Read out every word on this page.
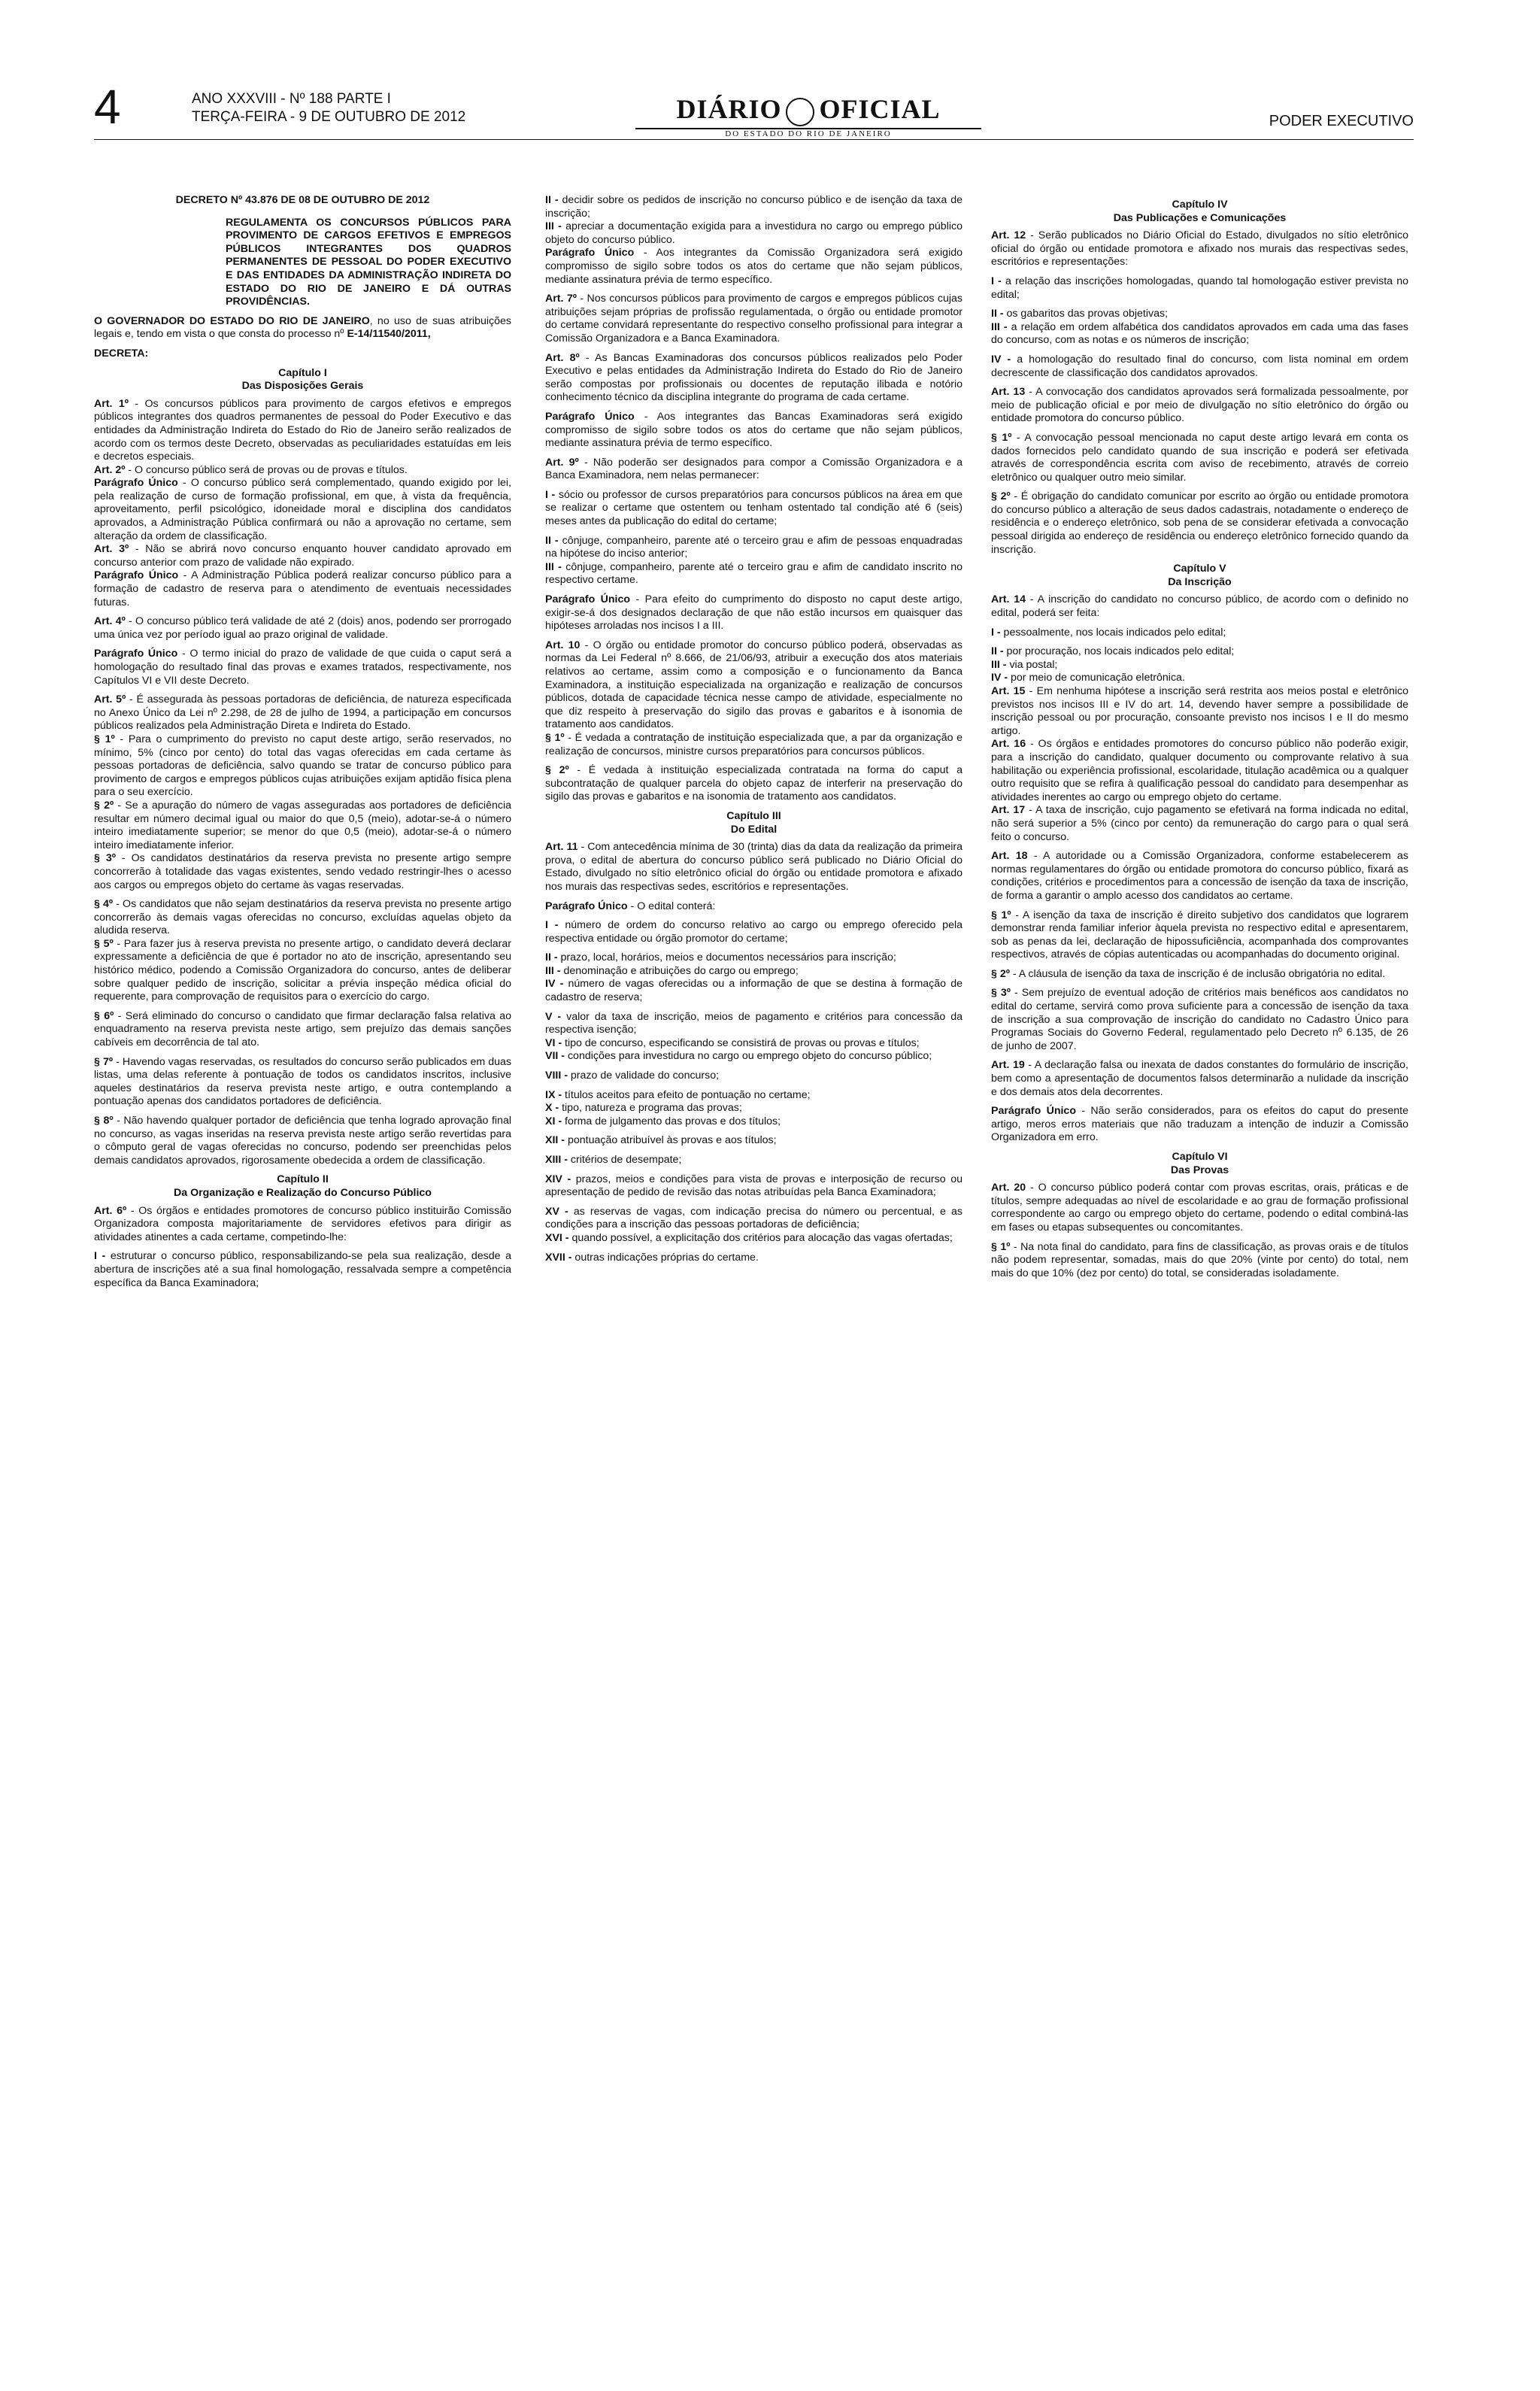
4	ANO XXXVIII - Nº 188 PARTE I
TERÇA-FEIRA - 9 DE OUTUBRO DE 2012	DIÁRIO OFICIAL
DO ESTADO DO RIO DE JANEIRO
PODER EXECUTIVO

DECRETO Nº 43.876 DE 08 DE OUTUBRO DE 2012

REGULAMENTA OS CONCURSOS PÚBLICOS PARA PROVIMENTO DE CARGOS EFETIVOS E EMPREGOS PÚBLICOS INTEGRANTES DOS QUADROS PERMANENTES DE PESSOAL DO PODER EXECUTIVO E DAS ENTIDADES DA ADMINISTRAÇÃO INDIRETA DO ESTADO DO RIO DE JANEIRO E DÁ OUTRAS PROVIDÊNCIAS.

O GOVERNADOR DO ESTADO DO RIO DE JANEIRO, no uso de suas atribuições legais e, tendo em vista o que consta do processo nº E-14/11540/2011,

DECRETA:

Capítulo I
Das Disposições Gerais

Art. 1º - Os concursos públicos para provimento de cargos efetivos e empregos públicos integrantes dos quadros permanentes de pessoal do Poder Executivo e das entidades da Administração Indireta do Estado do Rio de Janeiro serão realizados de acordo com os termos deste Decreto, observadas as peculiaridades estatuídas em leis e decretos especiais.

Art. 2º - O concurso público será de provas ou de provas e títulos.

Parágrafo Único - O concurso público será complementado, quando exigido por lei, pela realização de curso de formação profissional, em que, à vista da frequência, aproveitamento, perfil psicológico, idoneidade moral e disciplina dos candidatos aprovados, a Administração Pública confirmará ou não a aprovação no certame, sem alteração da ordem de classificação.

Art. 3º - Não se abrirá novo concurso enquanto houver candidato aprovado em concurso anterior com prazo de validade não expirado.

Parágrafo Único - A Administração Pública poderá realizar concurso público para a formação de cadastro de reserva para o atendimento de eventuais necessidades futuras.

Art. 4º - O concurso público terá validade de até 2 (dois) anos, podendo ser prorrogado uma única vez por período igual ao prazo original de validade.

Parágrafo Único - O termo inicial do prazo de validade de que cuida o caput será a homologação do resultado final das provas e exames tratados, respectivamente, nos Capítulos VI e VII deste Decreto.

Art. 5º - É assegurada às pessoas portadoras de deficiência, de natureza especificada no Anexo Único da Lei nº 2.298, de 28 de julho de 1994, a participação em concursos públicos realizados pela Administração Direta e Indireta do Estado.

§ 1º - Para o cumprimento do previsto no caput deste artigo, serão reservados, no mínimo, 5% (cinco por cento) do total das vagas oferecidas em cada certame às pessoas portadoras de deficiência, salvo quando se tratar de concurso público para provimento de cargos e empregos públicos cujas atribuições exijam aptidão física plena para o seu exercício.

§ 2º - Se a apuração do número de vagas asseguradas aos portadores de deficiência resultar em número decimal igual ou maior do que 0,5 (meio), adotar-se-á o número inteiro imediatamente superior; se menor do que 0,5 (meio), adotar-se-á o número inteiro imediatamente inferior.

§ 3º - Os candidatos destinatários da reserva prevista no presente artigo sempre concorrerão à totalidade das vagas existentes, sendo vedado restringir-lhes o acesso aos cargos ou empregos objeto do certame às vagas reservadas.

§ 4º - Os candidatos que não sejam destinatários da reserva prevista no presente artigo concorrerão às demais vagas oferecidas no concurso, excluídas aquelas objeto da aludida reserva.

§ 5º - Para fazer jus à reserva prevista no presente artigo, o candidato deverá declarar expressamente a deficiência de que é portador no ato de inscrição, apresentando seu histórico médico, podendo a Comissão Organizadora do concurso, antes de deliberar sobre qualquer pedido de inscrição, solicitar a prévia inspeção médica oficial do requerente, para comprovação de requisitos para o exercício do cargo.

§ 6º - Será eliminado do concurso o candidato que firmar declaração falsa relativa ao enquadramento na reserva prevista neste artigo, sem prejuízo das demais sanções cabíveis em decorrência de tal ato.

§ 7º - Havendo vagas reservadas, os resultados do concurso serão publicados em duas listas, uma delas referente à pontuação de todos os candidatos inscritos, inclusive aqueles destinatários da reserva prevista neste artigo, e outra contemplando a pontuação apenas dos candidatos portadores de deficiência.

§ 8º - Não havendo qualquer portador de deficiência que tenha logrado aprovação final no concurso, as vagas inseridas na reserva prevista neste artigo serão revertidas para o cômputo geral de vagas oferecidas no concurso, podendo ser preenchidas pelos demais candidatos aprovados, rigorosamente obedecida a ordem de classificação.

Capítulo II
Da Organização e Realização do Concurso Público

Art. 6º - Os órgãos e entidades promotores de concurso público instituirão Comissão Organizadora composta majoritariamente de servidores efetivos para dirigir as atividades atinentes a cada certame, competindo-lhe:

I - estruturar o concurso público, responsabilizando-se pela sua realização, desde a abertura de inscrições até a sua final homologação, ressalvada sempre a competência específica da Banca Examinadora;

II - decidir sobre os pedidos de inscrição no concurso público e de isenção da taxa de inscrição;

III - apreciar a documentação exigida para a investidura no cargo ou emprego público objeto do concurso público.

Parágrafo Único - Aos integrantes da Comissão Organizadora será exigido compromisso de sigilo sobre todos os atos do certame que não sejam públicos, mediante assinatura prévia de termo específico.

Art. 7º - Nos concursos públicos para provimento de cargos e empregos públicos cujas atribuições sejam próprias de profissão regulamentada, o órgão ou entidade promotor do certame convidará representante do respectivo conselho profissional para integrar a Comissão Organizadora e a Banca Examinadora.

Art. 8º - As Bancas Examinadoras dos concursos públicos realizados pelo Poder Executivo e pelas entidades da Administração Indireta do Estado do Rio de Janeiro serão compostas por profissionais ou docentes de reputação ilibada e notório conhecimento técnico da disciplina integrante do programa de cada certame.

Parágrafo Único - Aos integrantes das Bancas Examinadoras será exigido compromisso de sigilo sobre todos os atos do certame que não sejam públicos, mediante assinatura prévia de termo específico.

Art. 9º - Não poderão ser designados para compor a Comissão Organizadora e a Banca Examinadora, nem nelas permanecer:

I - sócio ou professor de cursos preparatórios para concursos públicos na área em que se realizar o certame que ostentem ou tenham ostentado tal condição até 6 (seis) meses antes da publicação do edital do certame;

II - cônjuge, companheiro, parente até o terceiro grau e afim de pessoas enquadradas na hipótese do inciso anterior;

III - cônjuge, companheiro, parente até o terceiro grau e afim de candidato inscrito no respectivo certame.

Parágrafo Único - Para efeito do cumprimento do disposto no caput deste artigo, exigir-se-á dos designados declaração de que não estão incursos em quaisquer das hipóteses arroladas nos incisos I a III.

Art. 10 - O órgão ou entidade promotor do concurso público poderá, observadas as normas da Lei Federal nº 8.666, de 21/06/93, atribuir a execução dos atos materiais relativos ao certame, assim como a composição e o funcionamento da Banca Examinadora, a instituição especializada na organização e realização de concursos públicos, dotada de capacidade técnica nesse campo de atividade, especialmente no que diz respeito à preservação do sigilo das provas e gabaritos e à isonomia de tratamento aos candidatos.

§ 1º - É vedada a contratação de instituição especializada que, a par da organização e realização de concursos, ministre cursos preparatórios para concursos públicos.

§ 2º - É vedada à instituição especializada contratada na forma do caput a subcontratação de qualquer parcela do objeto capaz de interferir na preservação do sigilo das provas e gabaritos e na isonomia de tratamento aos candidatos.

Capítulo III
Do Edital

Art. 11 - Com antecedência mínima de 30 (trinta) dias da data da realização da primeira prova, o edital de abertura do concurso público será publicado no Diário Oficial do Estado, divulgado no sítio eletrônico oficial do órgão ou entidade promotora e afixado nos murais das respectivas sedes, escritórios e representações.

Parágrafo Único - O edital conterá:

I - número de ordem do concurso relativo ao cargo ou emprego oferecido pela respectiva entidade ou órgão promotor do certame;

II - prazo, local, horários, meios e documentos necessários para inscrição;

III - denominação e atribuições do cargo ou emprego;

IV - número de vagas oferecidas ou a informação de que se destina à formação de cadastro de reserva;

V - valor da taxa de inscrição, meios de pagamento e critérios para concessão da respectiva isenção;

VI - tipo de concurso, especificando se consistirá de provas ou provas e títulos;

VII - condições para investidura no cargo ou emprego objeto do concurso público;

VIII - prazo de validade do concurso;

IX - títulos aceitos para efeito de pontuação no certame;

X - tipo, natureza e programa das provas;

XI - forma de julgamento das provas e dos títulos;

XII - pontuação atribuível às provas e aos títulos;

XIII - critérios de desempate;

XIV - prazos, meios e condições para vista de provas e interposição de recurso ou apresentação de pedido de revisão das notas atribuídas pela Banca Examinadora;

XV - as reservas de vagas, com indicação precisa do número ou percentual, e as condições para a inscrição das pessoas portadoras de deficiência;

XVI - quando possível, a explicitação dos critérios para alocação das vagas ofertadas;

XVII - outras indicações próprias do certame.

Capítulo IV
Das Publicações e Comunicações

Art. 12 - Serão publicados no Diário Oficial do Estado, divulgados no sítio eletrônico oficial do órgão ou entidade promotora e afixado nos murais das respectivas sedes, escritórios e representações:

I - a relação das inscrições homologadas, quando tal homologação estiver prevista no edital;

II - os gabaritos das provas objetivas;

III - a relação em ordem alfabética dos candidatos aprovados em cada uma das fases do concurso, com as notas e os números de inscrição;

IV - a homologação do resultado final do concurso, com lista nominal em ordem decrescente de classificação dos candidatos aprovados.

Art. 13 - A convocação dos candidatos aprovados será formalizada pessoalmente, por meio de publicação oficial e por meio de divulgação no sítio eletrônico do órgão ou entidade promotora do concurso público.

§ 1º - A convocação pessoal mencionada no caput deste artigo levará em conta os dados fornecidos pelo candidato quando de sua inscrição e poderá ser efetivada através de correspondência escrita com aviso de recebimento, através de correio eletrônico ou qualquer outro meio similar.

§ 2º - É obrigação do candidato comunicar por escrito ao órgão ou entidade promotora do concurso público a alteração de seus dados cadastrais, notadamente o endereço de residência e o endereço eletrônico, sob pena de se considerar efetivada a convocação pessoal dirigida ao endereço de residência ou endereço eletrônico fornecido quando da inscrição.

Capítulo V
Da Inscrição

Art. 14 - A inscrição do candidato no concurso público, de acordo com o definido no edital, poderá ser feita:

I - pessoalmente, nos locais indicados pelo edital;

II - por procuração, nos locais indicados pelo edital;

III - via postal;

IV - por meio de comunicação eletrônica.

Art. 15 - Em nenhuma hipótese a inscrição será restrita aos meios postal e eletrônico previstos nos incisos III e IV do art. 14, devendo haver sempre a possibilidade de inscrição pessoal ou por procuração, consoante previsto nos incisos I e II do mesmo artigo.

Art. 16 - Os órgãos e entidades promotores do concurso público não poderão exigir, para a inscrição do candidato, qualquer documento ou comprovante relativo à sua habilitação ou experiência profissional, escolaridade, titulação acadêmica ou a qualquer outro requisito que se refira à qualificação pessoal do candidato para desempenhar as atividades inerentes ao cargo ou emprego objeto do certame.

Art. 17 - A taxa de inscrição, cujo pagamento se efetivará na forma indicada no edital, não será superior a 5% (cinco por cento) da remuneração do cargo para o qual será feito o concurso.

Art. 18 - A autoridade ou a Comissão Organizadora, conforme estabelecerem as normas regulamentares do órgão ou entidade promotora do concurso público, fixará as condições, critérios e procedimentos para a concessão de isenção da taxa de inscrição, de forma a garantir o amplo acesso dos candidatos ao certame.

§ 1º - A isenção da taxa de inscrição é direito subjetivo dos candidatos que lograrem demonstrar renda familiar inferior àquela prevista no respectivo edital e apresentarem, sob as penas da lei, declaração de hipossuficiência, acompanhada dos comprovantes respectivos, através de cópias autenticadas ou acompanhadas do documento original.

§ 2º - A cláusula de isenção da taxa de inscrição é de inclusão obrigatória no edital.

§ 3º - Sem prejuízo de eventual adoção de critérios mais benéficos aos candidatos no edital do certame, servirá como prova suficiente para a concessão de isenção da taxa de inscrição a sua comprovação de inscrição do candidato no Cadastro Único para Programas Sociais do Governo Federal, regulamentado pelo Decreto nº 6.135, de 26 de junho de 2007.

Art. 19 - A declaração falsa ou inexata de dados constantes do formulário de inscrição, bem como a apresentação de documentos falsos determinarão a nulidade da inscrição e dos demais atos dela decorrentes.

Parágrafo Único - Não serão considerados, para os efeitos do caput do presente artigo, meros erros materiais que não traduzam a intenção de induzir a Comissão Organizadora em erro.

Capítulo VI
Das Provas

Art. 20 - O concurso público poderá contar com provas escritas, orais, práticas e de títulos, sempre adequadas ao nível de escolaridade e ao grau de formação profissional correspondente ao cargo ou emprego objeto do certame, podendo o edital combiná-las em fases ou etapas subsequentes ou concomitantes.

§ 1º - Na nota final do candidato, para fins de classificação, as provas orais e de títulos não podem representar, somadas, mais do que 20% (vinte por cento) do total, nem mais do que 10% (dez por cento) do total, se consideradas isoladamente.
